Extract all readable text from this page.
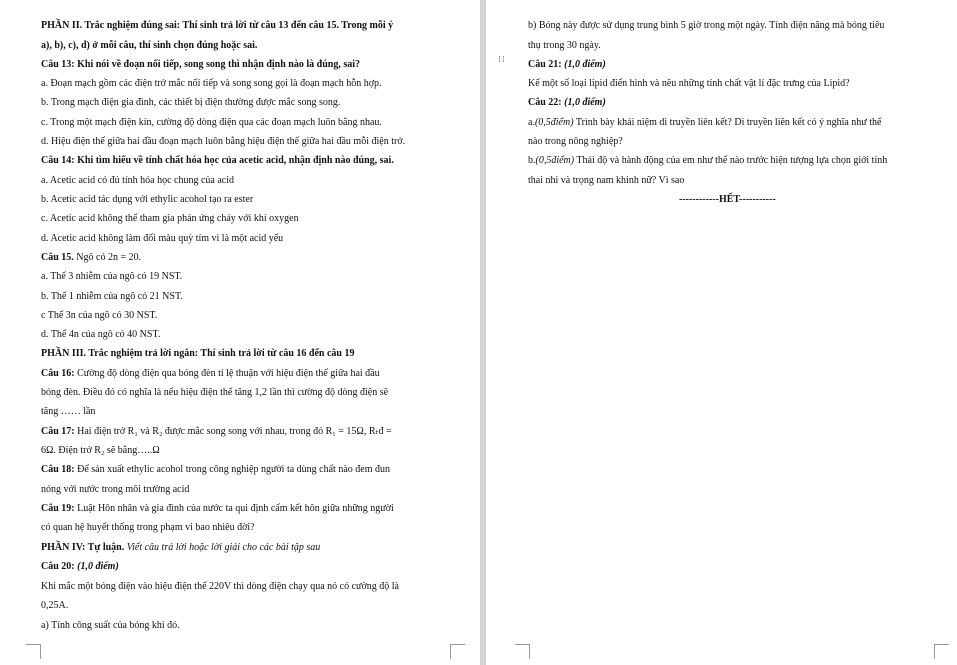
⁞⁞
PHẦN II. Trắc nghiệm đúng sai: Thí sinh trả lời từ câu 13 đến câu 15. Trong mỗi ý
a), b), c), d) ở mỗi câu, thí sinh chọn đúng hoặc sai.
Câu 13: Khi nói về đoạn nối tiếp, song song thì nhận định nào là đúng, sai?
a. Đoạn mạch gồm các điện trở mắc nối tiếp và song song gọi là đoạn mạch hỗn hợp.
b. Trong mạch điện gia đình, các thiết bị điện thường được mắc song song.
c. Trong một mạch điện kín, cường độ dòng điện qua các đoạn mạch luôn bằng nhau.
d. Hiệu điện thế giữa hai đầu đoạn mạch luôn bằng hiệu điện thế giữa hai đầu mỗi điện trở.
Câu 14: Khi tìm hiểu về tính chất hóa học của acetic acid, nhận định nào đúng, sai.
a. Acetic acid có đủ tính hóa học chung của acid
b. Acetic acid tác dụng với ethylic acohol tạo ra ester
c. Acetic acid không thể tham gia phản ứng cháy với khí oxygen
d. Acetic acid không làm đổi màu quỳ tím vì là một acid yếu
Câu 15. Ngô có 2n = 20.
a. Thể 3 nhiễm của ngô có 19 NST.
b. Thể 1 nhiễm của ngô có 21 NST.
c Thể 3n của ngô có 30 NST.
d. Thể 4n của ngô có 40 NST.
PHẦN III. Trắc nghiệm trả lời ngắn: Thí sinh trả lời từ câu 16 đến câu 19
Câu 16: Cường độ dòng điện qua bóng đèn tỉ lệ thuận với hiệu điện thế giữa hai đầu
bóng đèn. Điều đó có nghĩa là nếu hiệu điện thế tăng 1,2 lần thì cường độ dòng điện sẽ
tăng …… lần
Câu 17: Hai điện trở R₁ và R₂ được mắc song song với nhau, trong đó R₁ = 15Ω, Rₜđ =
6Ω. Điện trở R₂ sẽ bằng…..Ω
Câu 18: Để sản xuất ethylic acohol trong công nghiệp người ta dùng chất nào đem đun
nóng với nước trong môi trường acid
Câu 19: Luật Hôn nhân và gia đình của nước ta qui định cấm kết hôn giữa những người
có quan hệ huyết thống trong phạm vi bao nhiêu đời?
PHẦN IV: Tự luận. Viết câu trả lời hoặc lời giải cho các bài tập sau
Câu 20: (1,0 điểm)
Khi mắc một bóng điện vào hiệu điện thế 220V thì dòng điện chạy qua nó có cường độ là
0,25A.
a) Tính công suất của bóng khi đó.
b) Bóng này được sử dụng trung bình 5 giờ trong một ngày. Tính điện năng mà bóng tiêu
thụ trong 30 ngày.
Câu 21: (1,0 điểm)
Kể một số loại lipid điển hình và nêu những tính chất vật lí đặc trưng của Lipid?
Câu 22: (1,0 điểm)
a.(0,5điểm) Trình bày khái niệm di truyền liên kết? Di truyền liên kết có ý nghĩa như thế
nào trong nông nghiệp?
b.(0,5điểm) Thái độ và hành động của em như thế nào trước hiện tượng lựa chọn giới tính
thai nhi và trọng nam khinh nữ? Vì sao
------------HẾT-----------
